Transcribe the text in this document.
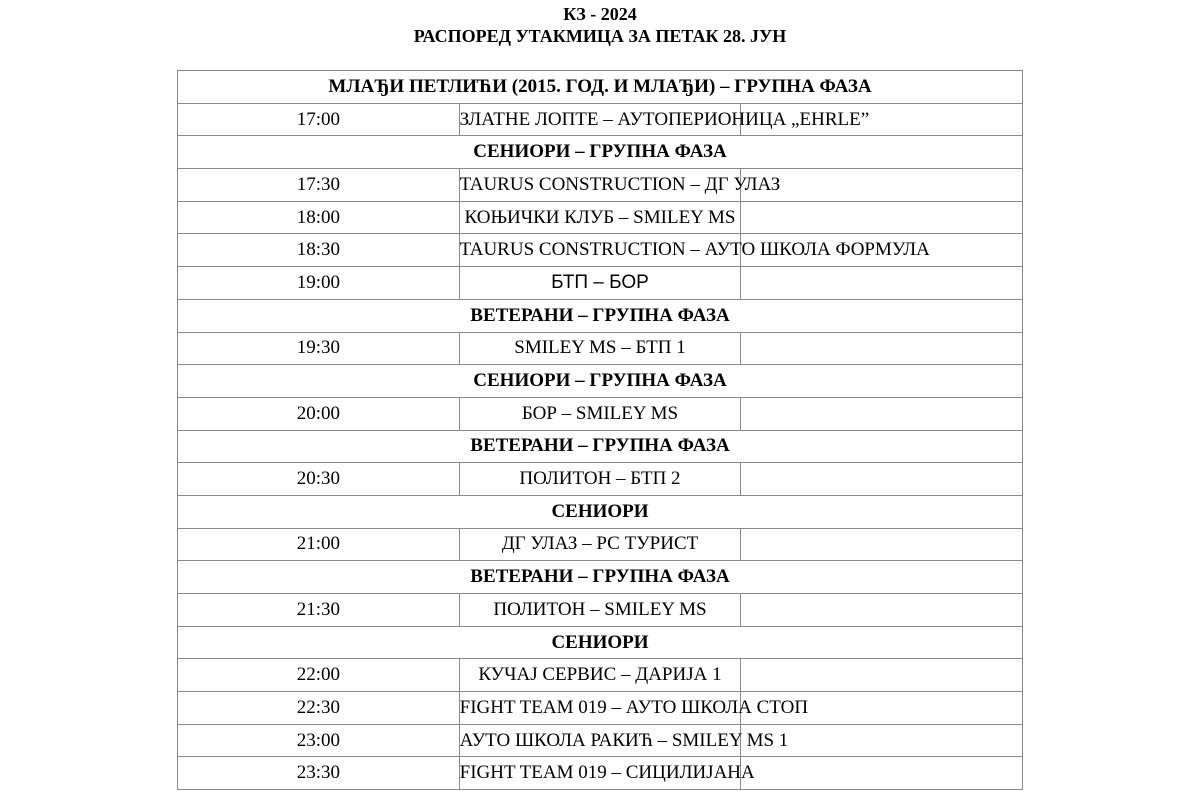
КЗ - 2024
РАСПОРЕД УТАКМИЦА ЗА ПЕТАК 28. ЈУН
МЛАЂИ ПЕТЛИЋИ (2015. ГОД. И МЛАЂИ) – ГРУПНА ФАЗА		
17:00	ЗЛАТНЕ ЛОПТЕ – АУТОПЕРИОНИЦА „EHRLE”	
СЕНИОРИ – ГРУПНА ФАЗА		
17:30	TAURUS CONSTRUCTION – ДГ УЛАЗ	
18:00	КОЊИЧКИ КЛУБ – SMILEY MS	
18:30	TAURUS CONSTRUCTION – АУТО ШКОЛА ФОРМУЛА	
19:00	БТП – БОР	
ВЕТЕРАНИ – ГРУПНА ФАЗА		
19:30	SMILEY MS – БТП 1	
СЕНИОРИ – ГРУПНА ФАЗА		
20:00	БОР – SMILEY MS	
ВЕТЕРАНИ – ГРУПНА ФАЗА		
20:30	ПОЛИТОН – БТП 2	
СЕНИОРИ		
21:00	ДГ УЛАЗ – РС ТУРИСТ	
ВЕТЕРАНИ – ГРУПНА ФАЗА		
21:30	ПОЛИТОН – SMILEY MS	
СЕНИОРИ		
22:00	КУЧАЈ СЕРВИС – ДАРИЈА 1	
22:30	FIGHT TEAM 019 – АУТО ШКОЛА СТОП	
23:00	АУТО ШКОЛА РАКИЋ – SMILEY MS 1	
23:30	FIGHT TEAM 019 – СИЦИЛИЈАНА	
